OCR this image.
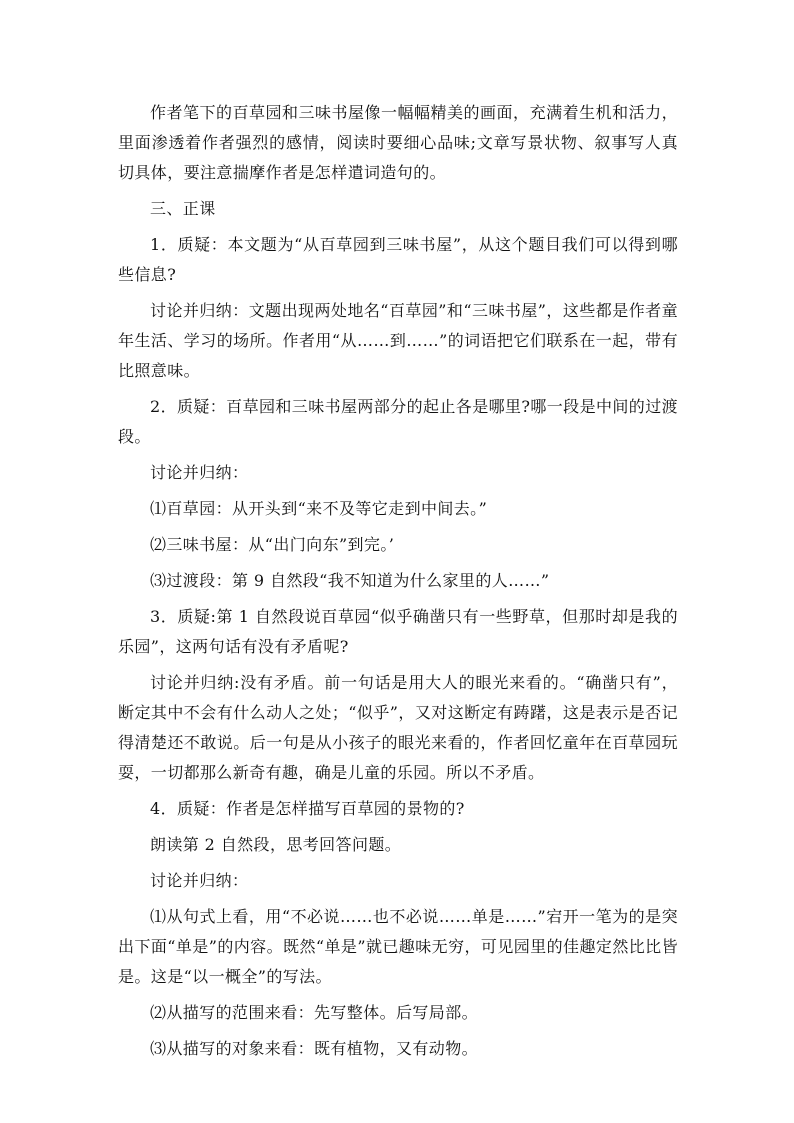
作者笔下的百草园和三味书屋像一幅幅精美的画面，充满着生机和活力，里面渗透着作者强烈的感情，阅读时要细心品味;文章写景状物、叙事写人真切具体，要注意揣摩作者是怎样遣词造句的。

三、正课

1．质疑：本文题为“从百草园到三味书屋”，从这个题目我们可以得到哪些信息?

讨论并归纳：文题出现两处地名“百草园”和“三味书屋”，这些都是作者童年生活、学习的场所。作者用“从……到……”的词语把它们联系在一起，带有比照意味。

2．质疑：百草园和三味书屋两部分的起止各是哪里?哪一段是中间的过渡段。

讨论并归纳：

⑴百草园：从开头到“来不及等它走到中间去。”

⑵三味书屋：从“出门向东”到完。’

⑶过渡段：第 9 自然段“我不知道为什么家里的人……”

3．质疑:第 1 自然段说百草园“似乎确凿只有一些野草，但那时却是我的乐园”，这两句话有没有矛盾呢?

讨论并归纳:没有矛盾。前一句话是用大人的眼光来看的。“确凿只有”，断定其中不会有什么动人之处；“似乎”，又对这断定有踌躇，这是表示是否记得清楚还不敢说。后一句是从小孩子的眼光来看的，作者回忆童年在百草园玩耍，一切都那么新奇有趣，确是儿童的乐园。所以不矛盾。

4．质疑：作者是怎样描写百草园的景物的?

朗读第 2 自然段，思考回答问题。

讨论并归纳：

⑴从句式上看，用“不必说……也不必说……单是……”宕开一笔为的是突出下面“单是”的内容。既然“单是”就已趣味无穷，可见园里的佳趣定然比比皆是。这是“以一概全”的写法。

⑵从描写的范围来看：先写整体。后写局部。

⑶从描写的对象来看：既有植物，又有动物。
